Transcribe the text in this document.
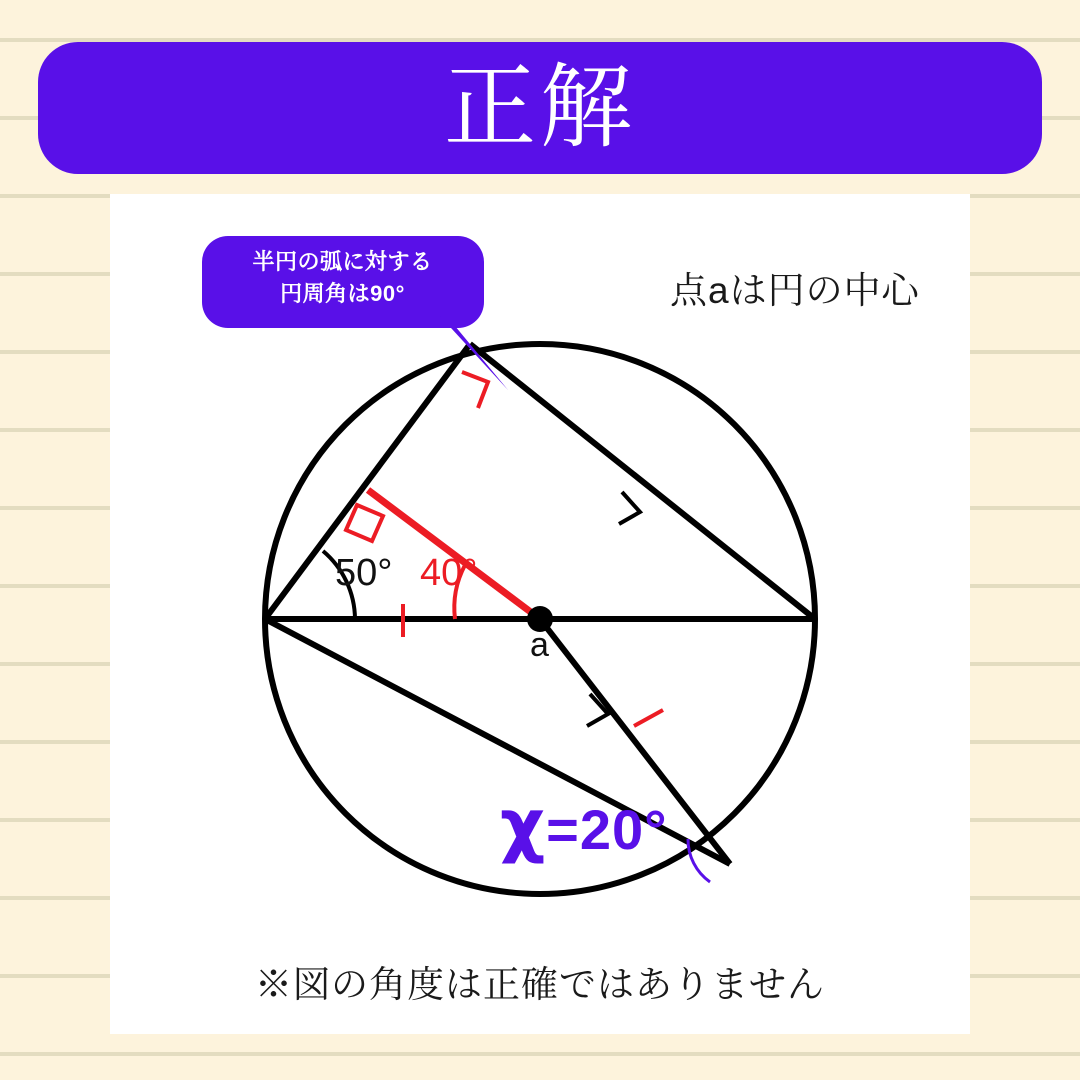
正解
半円の弧に対する
円周角は90°	点aは円の中心
50° 40°
a
χ=20°
※図の角度は正確ではありません
